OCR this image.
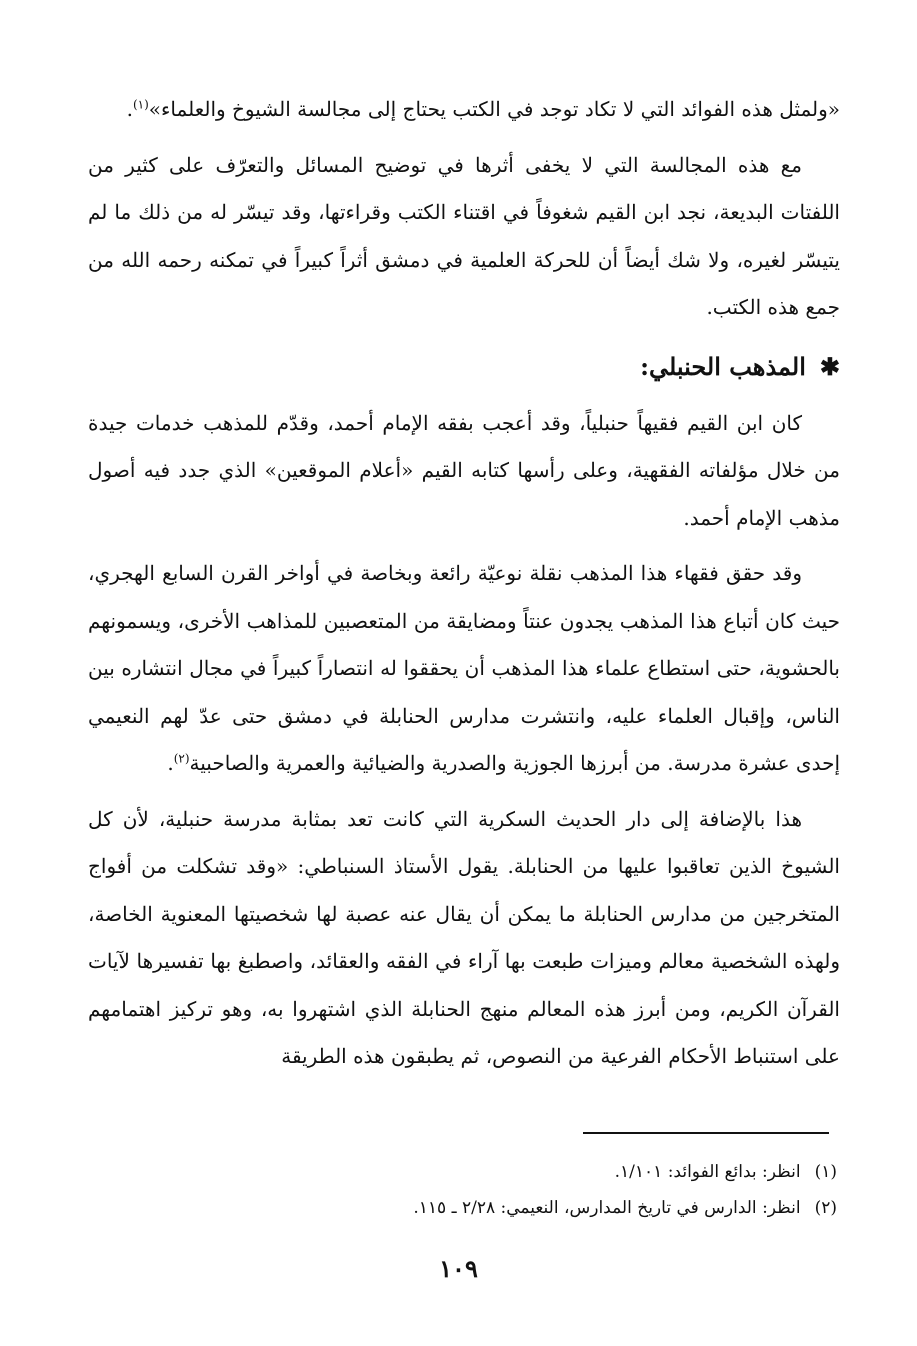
«ولمثل هذه الفوائد التي لا تكاد توجد في الكتب يحتاج إلى مجالسة الشيوخ والعلماء»$^{(١)}$.

مع هذه المجالسة التي لا يخفى أثرها في توضيح المسائل والتعرّف على كثير من اللفتات البديعة، نجد ابن القيم شغوفاً في اقتناء الكتب وقراءتها، وقد تيسّر له من ذلك ما لم يتيسّر لغيره، ولا شك أيضاً أن للحركة العلمية في دمشق أثراً كبيراً في تمكنه رحمه الله من جمع هذه الكتب.

✱المذهب الحنبلي:

كان ابن القيم فقيهاً حنبلياً، وقد أعجب بفقه الإمام أحمد، وقدّم للمذهب خدمات جيدة من خلال مؤلفاته الفقهية، وعلى رأسها كتابه القيم «أعلام الموقعين» الذي جدد فيه أصول مذهب الإمام أحمد.

وقد حقق فقهاء هذا المذهب نقلة نوعيّة رائعة وبخاصة في أواخر القرن السابع الهجري، حيث كان أتباع هذا المذهب يجدون عنتاً ومضايقة من المتعصبين للمذاهب الأخرى، ويسمونهم بالحشوية، حتى استطاع علماء هذا المذهب أن يحققوا له انتصاراً كبيراً في مجال انتشاره بين الناس، وإقبال العلماء عليه، وانتشرت مدارس الحنابلة في دمشق حتى عدّ لهم النعيمي إحدى عشرة مدرسة. من أبرزها الجوزية والصدرية والضيائية والعمرية والصاحبية$^{(٢)}$.

هذا بالإضافة إلى دار الحديث السكرية التي كانت تعد بمثابة مدرسة حنبلية، لأن كل الشيوخ الذين تعاقبوا عليها من الحنابلة. يقول الأستاذ السنباطي: «وقد تشكلت من أفواج المتخرجين من مدارس الحنابلة ما يمكن أن يقال عنه عصبة لها شخصيتها المعنوية الخاصة، ولهذه الشخصية معالم وميزات طبعت بها آراء في الفقه والعقائد، واصطبغ بها تفسيرها لآيات القرآن الكريم، ومن أبرز هذه المعالم منهج الحنابلة الذي اشتهروا به، وهو تركيز اهتمامهم على استنباط الأحكام الفرعية من النصوص، ثم يطبقون هذه الطريقة

(١)انظر: بدائع الفوائد: ١/١٠١.
(٢)انظر: الدارس في تاريخ المدارس، النعيمي: ٢/٢٨ ـ ١١٥.
١٠٩
